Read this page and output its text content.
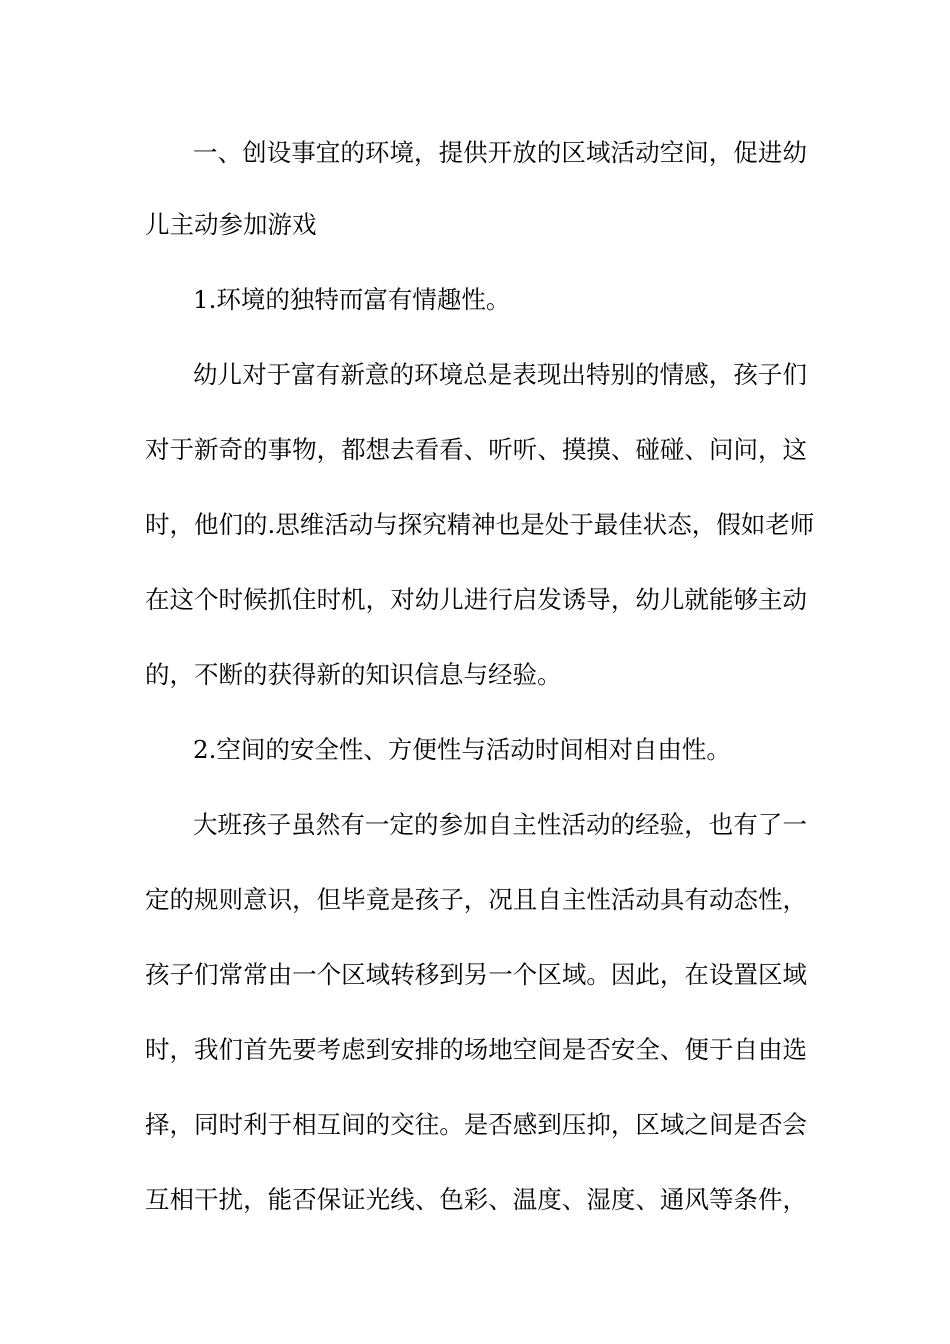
一、创设事宜的环境，提供开放的区域活动空间，促进幼
儿主动参加游戏
1.环境的独特而富有情趣性。
幼儿对于富有新意的环境总是表现出特别的情感，孩子们
对于新奇的事物，都想去看看、听听、摸摸、碰碰、问问，这
时，他们的.思维活动与探究精神也是处于最佳状态，假如老师
在这个时候抓住时机，对幼儿进行启发诱导，幼儿就能够主动
的，不断的获得新的知识信息与经验。
2.空间的安全性、方便性与活动时间相对自由性。
大班孩子虽然有一定的参加自主性活动的经验，也有了一
定的规则意识，但毕竟是孩子，况且自主性活动具有动态性，
孩子们常常由一个区域转移到另一个区域。因此，在设置区域
时，我们首先要考虑到安排的场地空间是否安全、便于自由选
择，同时利于相互间的交往。是否感到压抑，区域之间是否会
互相干扰，能否保证光线、色彩、温度、湿度、通风等条件，
